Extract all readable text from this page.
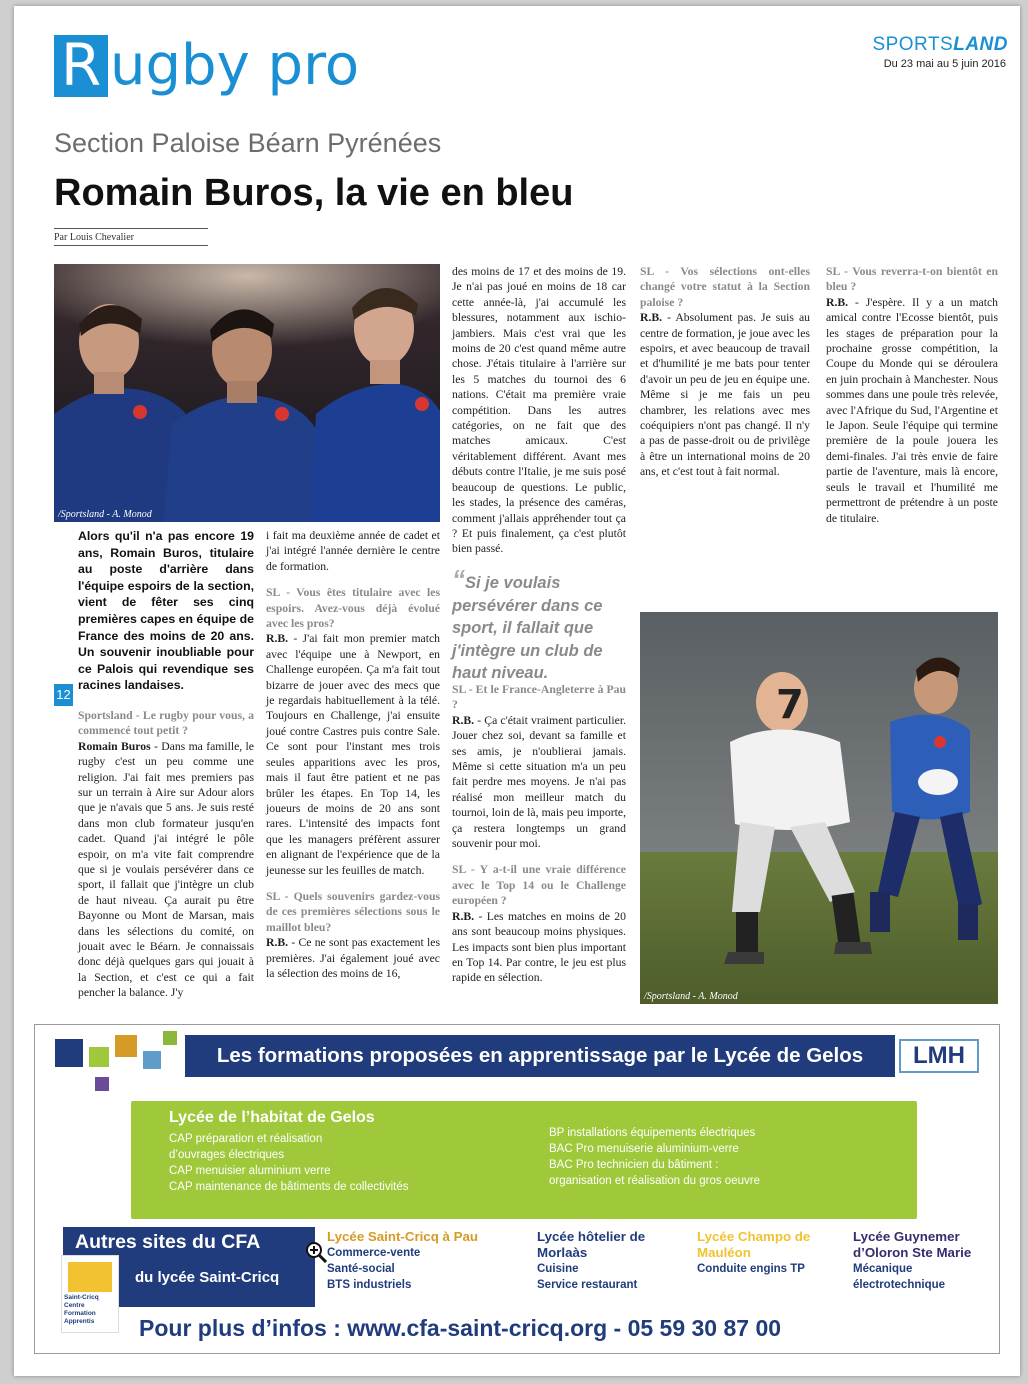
R ugby pro	SPORTSLAND
Du 23 mai au 5 juin 2016
Section Paloise Béarn Pyrénées
Romain Buros, la vie en bleu
Par Louis Chevalier
/Sportsland - A. Monod

Alors qu'il n'a pas encore 19 ans, Romain Buros, titulaire au poste d'arrière dans l'équipe espoirs de la section, vient de fêter ses cinq premières capes en équipe de France des moins de 20 ans. Un souvenir inoubliable pour ce Palois qui revendique ses racines landaises.

Sportsland - Le rugby pour vous, a commencé tout petit ?

Romain Buros - Dans ma famille, le rugby c'est un peu comme une religion. J'ai fait mes premiers pas sur un terrain à Aire sur Adour alors que je n'avais que 5 ans. Je suis resté dans mon club formateur jusqu'en cadet. Quand j'ai intégré le pôle espoir, on m'a vite fait comprendre que si je voulais persévérer dans ce sport, il fallait que j'intègre un club de haut niveau. Ça aurait pu être Bayonne ou Mont de Marsan, mais dans les sélections du comité, on jouait avec le Béarn. Je connaissais donc déjà quelques gars qui jouait à la Section, et c'est ce qui a fait pencher la balance. J'y

12

i fait ma deuxième année de cadet et j'ai intégré l'année dernière le centre de formation.

SL - Vous êtes titulaire avec les espoirs. Avez-vous déjà évolué avec les pros?

R.B. - J'ai fait mon premier match avec l'équipe une à Newport, en Challenge européen. Ça m'a fait tout bizarre de jouer avec des mecs que je regardais habituellement à la télé. Toujours en Challenge, j'ai ensuite joué contre Castres puis contre Sale. Ce sont pour l'instant mes trois seules apparitions avec les pros, mais il faut être patient et ne pas brûler les étapes. En Top 14, les joueurs de moins de 20 ans sont rares. L'intensité des impacts font que les managers préfèrent assurer en alignant de l'expérience que de la jeunesse sur les feuilles de match.

SL - Quels souvenirs gardez-vous de ces premières sélections sous le maillot bleu?

R.B. - Ce ne sont pas exactement les premières. J'ai également joué avec la sélection des moins de 16,

des moins de 17 et des moins de 19. Je n'ai pas joué en moins de 18 car cette année-là, j'ai accumulé les blessures, notamment aux ischio-jambiers. Mais c'est vrai que les moins de 20 c'est quand même autre chose. J'étais titulaire à l'arrière sur les 5 matches du tournoi des 6 nations. C'était ma première vraie compétition. Dans les autres catégories, on ne fait que des matches amicaux. C'est véritablement différent. Avant mes débuts contre l'Italie, je me suis posé beaucoup de questions. Le public, les stades, la présence des caméras, comment j'allais appréhender tout ça ? Et puis finalement, ça c'est plutôt bien passé.

“Si je voulais persévérer dans ce sport, il fallait que j'intègre un club de haut niveau.

SL - Et le France-Angleterre à Pau ?

R.B. - Ça c'était vraiment particulier. Jouer chez soi, devant sa famille et ses amis, je n'oublierai jamais. Même si cette situation m'a un peu fait perdre mes moyens. Je n'ai pas réalisé mon meilleur match du tournoi, loin de là, mais peu importe, ça restera longtemps un grand souvenir pour moi.

SL - Y a-t-il une vraie différence avec le Top 14 ou le Challenge européen ?

R.B. - Les matches en moins de 20 ans sont beaucoup moins physiques. Les impacts sont bien plus important en Top 14. Par contre, le jeu est plus rapide en sélection.

SL - Vos sélections ont-elles changé votre statut à la Section paloise ?

R.B. - Absolument pas. Je suis au centre de formation, je joue avec les espoirs, et avec beaucoup de travail et d'humilité je me bats pour tenter d'avoir un peu de jeu en équipe une. Même si je me fais un peu chambrer, les relations avec mes coéquipiers n'ont pas changé. Il n'y a pas de passe-droit ou de privilège à être un international moins de 20 ans, et c'est tout à fait normal.

SL - Vous reverra-t-on bientôt en bleu ?

R.B. - J'espère. Il y a un match amical contre l'Ecosse bientôt, puis les stages de préparation pour la prochaine grosse compétition, la Coupe du Monde qui se déroulera en juin prochain à Manchester. Nous sommes dans une poule très relevée, avec l'Afrique du Sud, l'Argentine et le Japon. Seule l'équipe qui termine première de la poule jouera les demi-finales. J'ai très envie de faire partie de l'aventure, mais là encore, seuls le travail et l'humilité me permettront de prétendre à un poste de titulaire.

7
/Sportsland - A. Monod
Les formations proposées en apprentissage par le Lycée de Gelos	LMH
Lycée de l’habitat de Gelos
CAP préparation et réalisation
d’ouvrages électriques
CAP menuisier aluminium verre
CAP maintenance de bâtiments de collectivités
BP installations équipements électriques
BAC Pro menuiserie aluminium-verre
BAC Pro technicien du bâtiment :
organisation et réalisation du gros oeuvre
Autres sites du CFA
du lycée Saint-Cricq
Saint-Cricq
Centre
Formation
Apprentis
Lycée Saint-Cricq à Pau
Commerce-vente
Santé-social
BTS industriels
Lycée hôtelier de Morlaàs
Cuisine
Service restaurant
Lycée Champo de Mauléon
Conduite engins TP
Lycée Guynemer d’Oloron Ste Marie
Mécanique
électrotechnique
Pour plus d’infos : www.cfa-saint-cricq.org - 05 59 30 87 00
